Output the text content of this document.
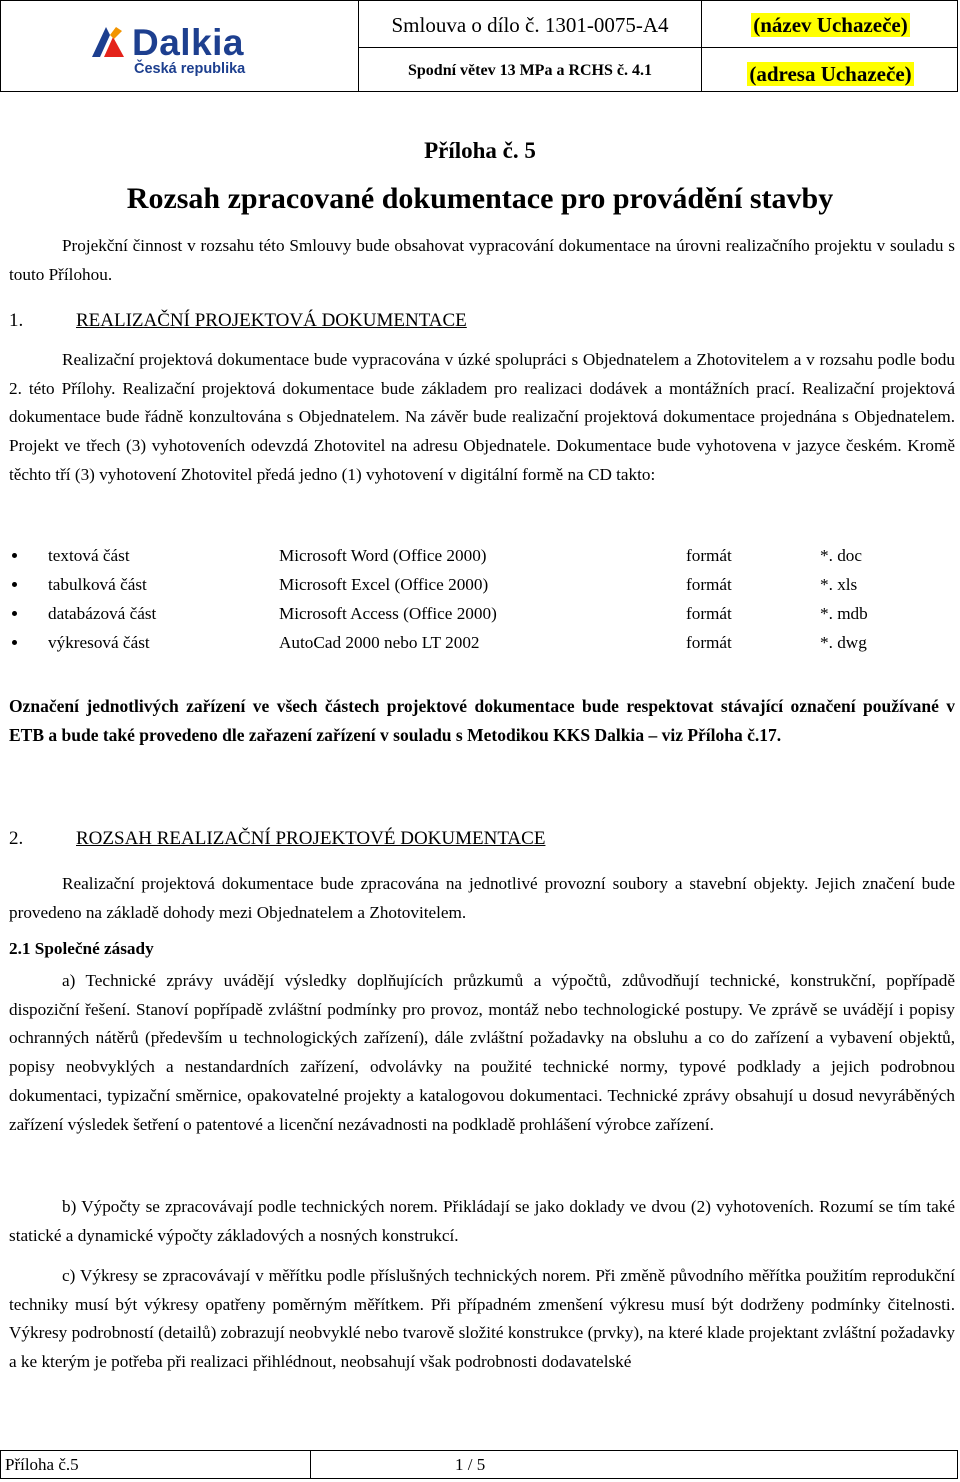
Dalkia
Česká republika
Smlouva o dílo č. 1301-0075-A4
Spodní větev 13 MPa a RCHS č. 4.1
(název Uchazeče)
(adresa Uchazeče)
Příloha č. 5
Rozsah zpracované dokumentace pro provádění stavby
Projekční činnost v rozsahu této Smlouvy bude obsahovat vypracování dokumentace na úrovni realizačního projektu v souladu s touto Přílohou.
1.	REALIZAČNÍ PROJEKTOVÁ DOKUMENTACE
Realizační projektová dokumentace bude vypracována v úzké spolupráci s Objednatelem a Zhotovitelem a v rozsahu podle bodu 2. této Přílohy. Realizační projektová dokumentace bude základem pro realizaci dodávek a montážních prací. Realizační projektová dokumentace bude řádně konzultována s Objednatelem. Na závěr bude realizační projektová dokumentace projednána s Objednatelem. Projekt ve třech (3) vyhotoveních odevzdá Zhotovitel na adresu Objednatele. Dokumentace bude vyhotovena v jazyce českém. Kromě těchto tří (3) vyhotovení Zhotovitel předá jedno (1) vyhotovení v digitální formě na CD takto:
textová část	Microsoft Word (Office 2000)	formát	*. doc
tabulková část	Microsoft Excel (Office 2000)	formát	*. xls
databázová část	Microsoft Access (Office 2000)	formát	*. mdb
výkresová část	AutoCad 2000 nebo LT 2002	formát	*. dwg
Označení jednotlivých zařízení ve všech částech projektové dokumentace bude respektovat stávající označení používané v ETB a bude také provedeno dle zařazení zařízení v souladu s Metodikou KKS Dalkia – viz Příloha č.17.
2.	ROZSAH REALIZAČNÍ PROJEKTOVÉ DOKUMENTACE
Realizační projektová dokumentace bude zpracována na jednotlivé provozní soubory a stavební objekty. Jejich značení bude provedeno na základě dohody mezi Objednatelem a Zhotovitelem.
2.1 Společné zásady
a) Technické zprávy uvádějí výsledky doplňujících průzkumů a výpočtů, zdůvodňují technické, konstrukční, popřípadě dispoziční řešení. Stanoví popřípadě zvláštní podmínky pro provoz, montáž nebo technologické postupy. Ve zprávě se uvádějí i popisy ochranných nátěrů (především u technologických zařízení), dále zvláštní požadavky na obsluhu a co do zařízení a vybavení objektů, popisy neobvyklých a nestandardních zařízení, odvolávky na použité technické normy, typové podklady a jejich podrobnou dokumentaci, typizační směrnice, opakovatelné projekty a katalogovou dokumentaci. Technické zprávy obsahují u dosud nevyráběných zařízení výsledek šetření o patentové a licenční nezávadnosti na podkladě prohlášení výrobce zařízení.
b) Výpočty se zpracovávají podle technických norem. Přikládají se jako doklady ve dvou (2) vyhotoveních. Rozumí se tím také statické a dynamické výpočty základových a nosných konstrukcí.
c) Výkresy se zpracovávají v měřítku podle příslušných technických norem. Při změně původního měřítka použitím reprodukční techniky musí být výkresy opatřeny poměrným měřítkem. Při případném zmenšení výkresu musí být dodrženy podmínky čitelnosti. Výkresy podrobností (detailů) zobrazují neobvyklé nebo tvarově složité konstrukce (prvky), na které klade projektant zvláštní požadavky a ke kterým je potřeba při realizaci přihlédnout, neobsahují však podrobnosti dodavatelské
Příloha č.5	1 / 5
